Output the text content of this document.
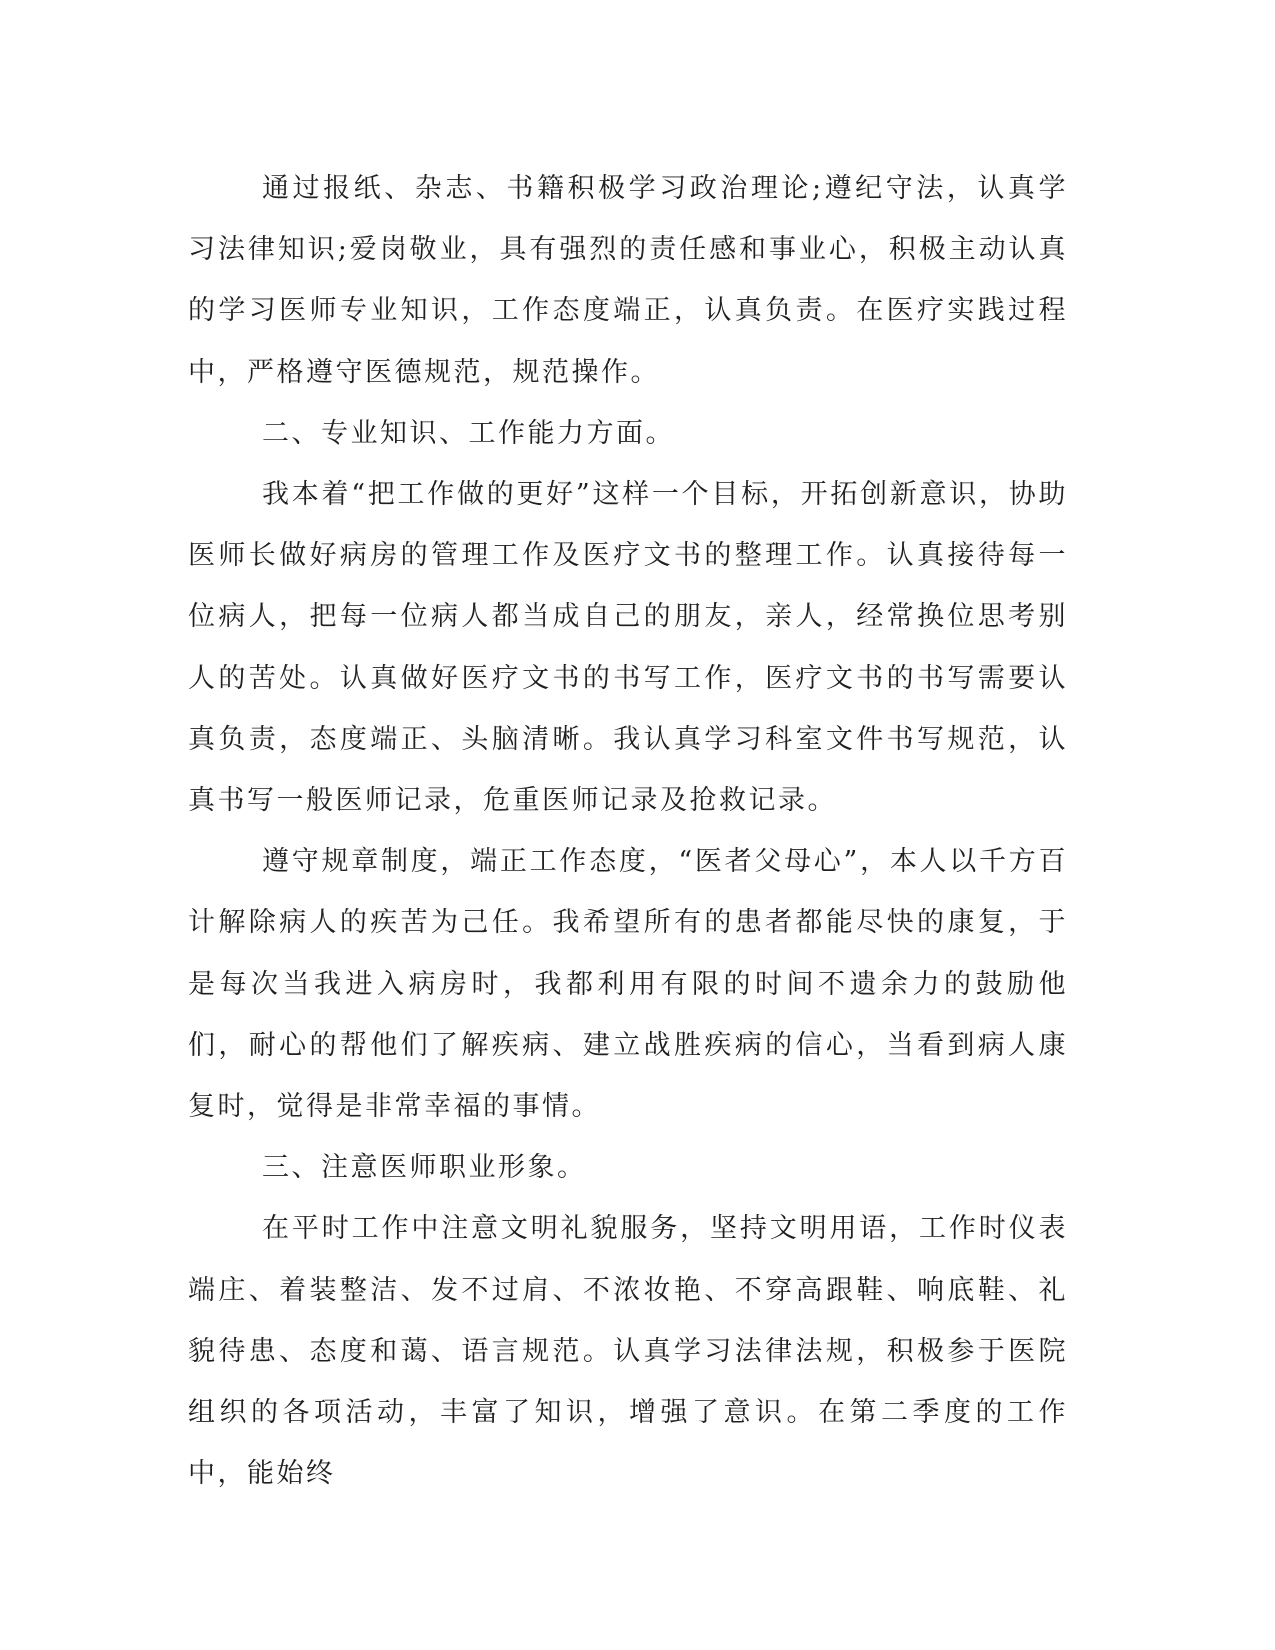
通过报纸、杂志、书籍积极学习政治理论;遵纪守法，认真学习法律知识;爱岗敬业，具有强烈的责任感和事业心，积极主动认真的学习医师专业知识，工作态度端正，认真负责。在医疗实践过程中，严格遵守医德规范，规范操作。

二、专业知识、工作能力方面。

我本着“把工作做的更好”这样一个目标，开拓创新意识，协助医师长做好病房的管理工作及医疗文书的整理工作。认真接待每一位病人，把每一位病人都当成自己的朋友，亲人，经常换位思考别人的苦处。认真做好医疗文书的书写工作，医疗文书的书写需要认真负责，态度端正、头脑清晰。我认真学习科室文件书写规范，认真书写一般医师记录，危重医师记录及抢救记录。

遵守规章制度，端正工作态度，“医者父母心”，本人以千方百计解除病人的疾苦为己任。我希望所有的患者都能尽快的康复，于是每次当我进入病房时，我都利用有限的时间不遗余力的鼓励他们，耐心的帮他们了解疾病、建立战胜疾病的信心，当看到病人康复时，觉得是非常幸福的事情。

三、注意医师职业形象。

在平时工作中注意文明礼貌服务，坚持文明用语，工作时仪表端庄、着装整洁、发不过肩、不浓妆艳、不穿高跟鞋、响底鞋、礼貌待患、态度和蔼、语言规范。认真学习法律法规，积极参于医院组织的各项活动，丰富了知识，增强了意识。在第二季度的工作中，能始终
